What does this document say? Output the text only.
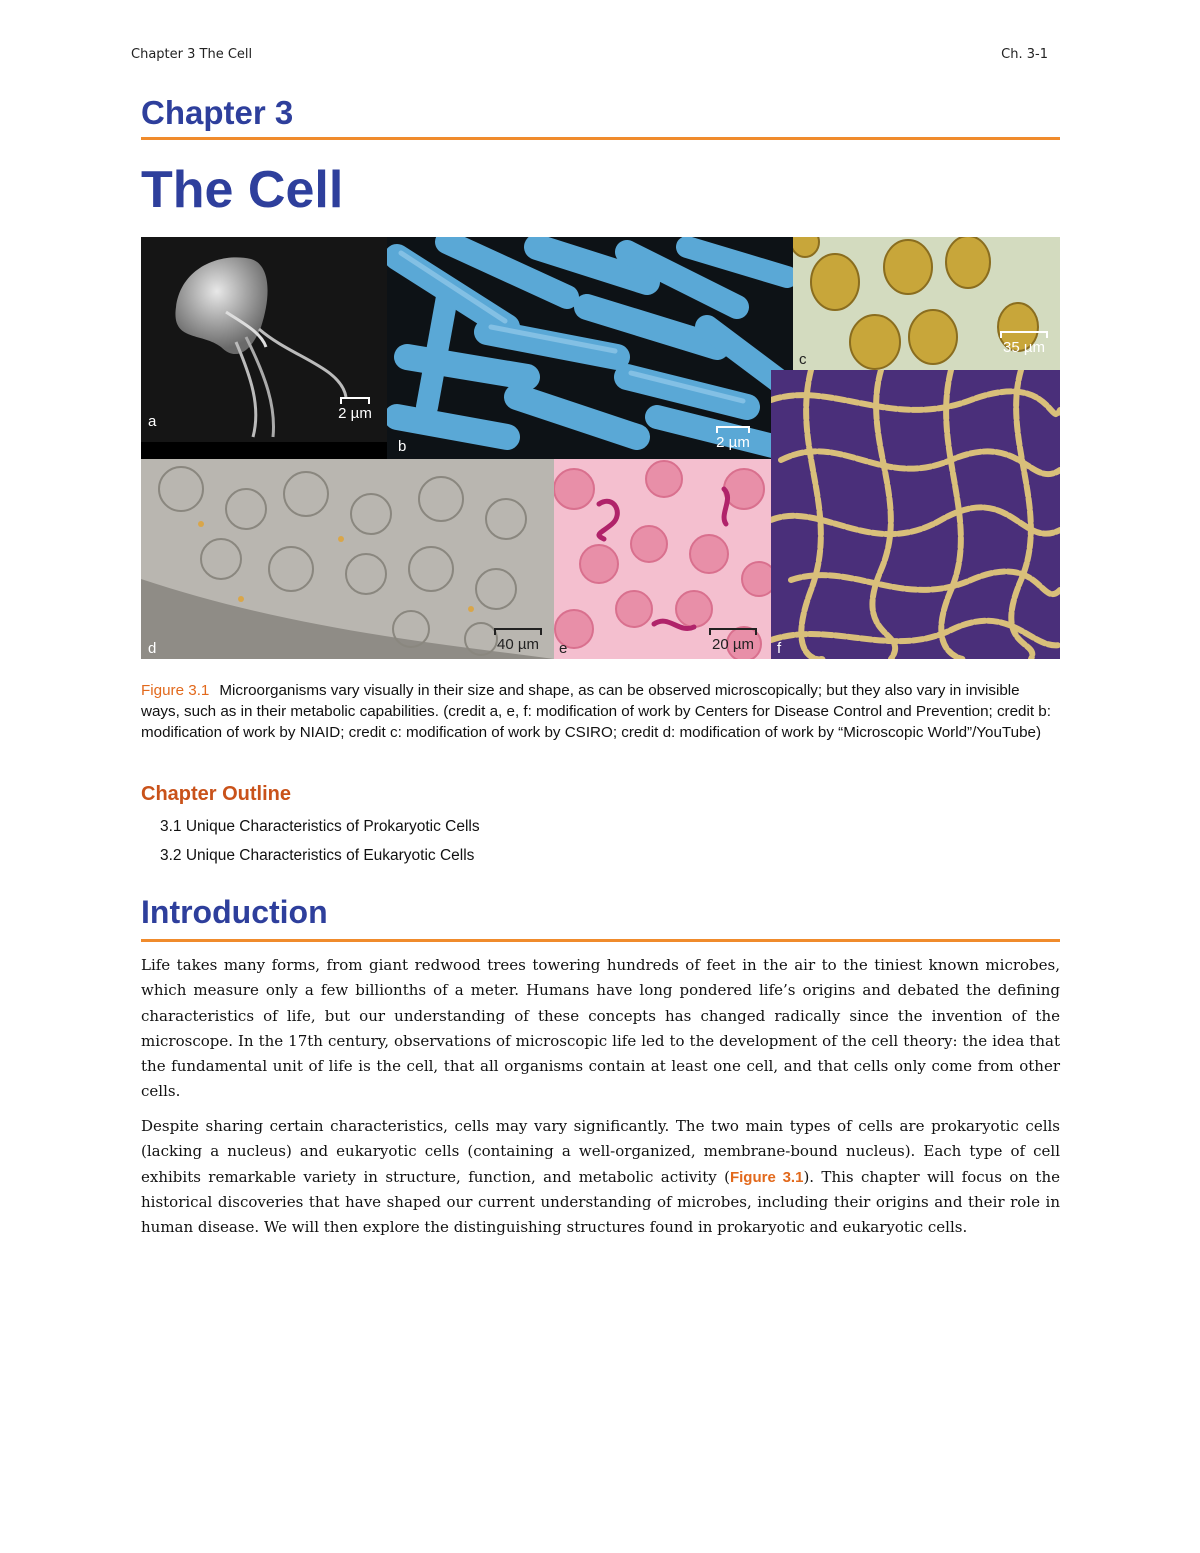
Chapter 3 The Cell	Ch. 3-1
Chapter 3
The Cell
a	2 µm
b	2 µm
c
35 µm
f
d	40 µm	e	20 µm
Figure 3.1 Microorganisms vary visually in their size and shape, as can be observed microscopically; but they also vary in invisible ways, such as in their metabolic capabilities. (credit a, e, f: modification of work by Centers for Disease Control and Prevention; credit b: modification of work by NIAID; credit c: modification of work by CSIRO; credit d: modification of work by “Microscopic World”/YouTube)
Chapter Outline
3.1 Unique Characteristics of Prokaryotic Cells
3.2 Unique Characteristics of Eukaryotic Cells
Introduction
Life takes many forms, from giant redwood trees towering hundreds of feet in the air to the tiniest known microbes, which measure only a few billionths of a meter. Humans have long pondered life’s origins and debated the defining characteristics of life, but our understanding of these concepts has changed radically since the invention of the microscope. In the 17th century, observations of microscopic life led to the development of the cell theory: the idea that the fundamental unit of life is the cell, that all organisms contain at least one cell, and that cells only come from other cells.
Despite sharing certain characteristics, cells may vary significantly. The two main types of cells are prokaryotic cells (lacking a nucleus) and eukaryotic cells (containing a well-organized, membrane-bound nucleus). Each type of cell exhibits remarkable variety in structure, function, and metabolic activity (Figure 3.1). This chapter will focus on the historical discoveries that have shaped our current understanding of microbes, including their origins and their role in human disease. We will then explore the distinguishing structures found in prokaryotic and eukaryotic cells.
